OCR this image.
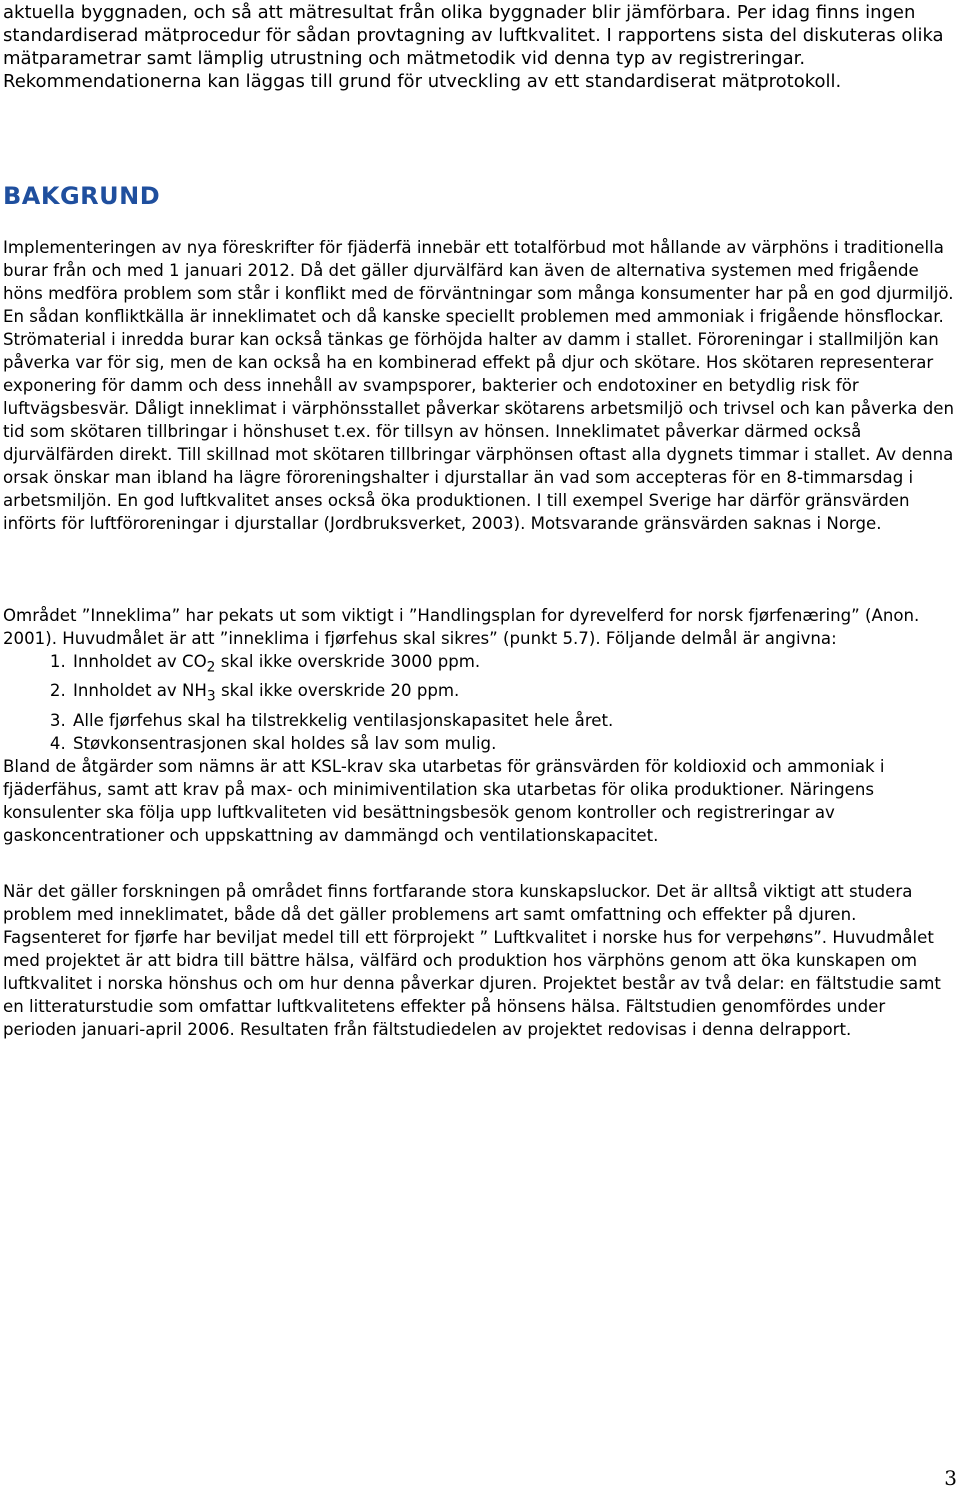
aktuella byggnaden, och så att mätresultat från olika byggnader blir jämförbara. Per idag finns ingen standardiserad mätprocedur för sådan provtagning av luftkvalitet. I rapportens sista del diskuteras olika mätparametrar samt lämplig utrustning och mätmetodik vid denna typ av registreringar. Rekommendationerna kan läggas till grund för utveckling av ett standardiserat mätprotokoll.

BAKGRUND

Implementeringen av nya föreskrifter för fjäderfä innebär ett totalförbud mot hållande av värphöns i traditionella burar från och med 1 januari 2012. Då det gäller djurvälfärd kan även de alternativa systemen med frigående höns medföra problem som står i konflikt med de förväntningar som många konsumenter har på en god djurmiljö. En sådan konfliktkälla är inneklimatet och då kanske speciellt problemen med ammoniak i frigående hönsflockar. Strömaterial i inredda burar kan också tänkas ge förhöjda halter av damm i stallet. Föroreningar i stallmiljön kan påverka var för sig, men de kan också ha en kombinerad effekt på djur och skötare. Hos skötaren representerar exponering för damm och dess innehåll av svampsporer, bakterier och endotoxiner en betydlig risk för luftvägsbesvär. Dåligt inneklimat i värphönsstallet påverkar skötarens arbetsmiljö och trivsel och kan påverka den tid som skötaren tillbringar i hönshuset t.ex. för tillsyn av hönsen. Inneklimatet påverkar därmed också djurvälfärden direkt. Till skillnad mot skötaren tillbringar värphönsen oftast alla dygnets timmar i stallet. Av denna orsak önskar man ibland ha lägre föroreningshalter i djurstallar än vad som accepteras för en 8-timmarsdag i arbetsmiljön. En god luftkvalitet anses också öka produktionen. I till exempel Sverige har därför gränsvärden införts för luftföroreningar i djurstallar (Jordbruksverket, 2003). Motsvarande gränsvärden saknas i Norge.

Området ”Inneklima” har pekats ut som viktigt i ”Handlingsplan for dyrevelferd for norsk fjørfenæring” (Anon. 2001). Huvudmålet är att ”inneklima i fjørfehus skal sikres” (punkt 5.7). Följande delmål är angivna:

1. Innholdet av $CO_2$ skal ikke overskride 3000 ppm.
2. Innholdet av $NH_3$ skal ikke overskride 20 ppm.
3. Alle fjørfehus skal ha tilstrekkelig ventilasjonskapasitet hele året.
4. Støvkonsentrasjonen skal holdes så lav som mulig.

Bland de åtgärder som nämns är att KSL-krav ska utarbetas för gränsvärden för koldioxid och ammoniak i fjäderfähus, samt att krav på max- och minimiventilation ska utarbetas för olika produktioner. Näringens konsulenter ska följa upp luftkvaliteten vid besättningsbesök genom kontroller och registreringar av gaskoncentrationer och uppskattning av dammängd och ventilationskapacitet.

När det gäller forskningen på området finns fortfarande stora kunskapsluckor. Det är alltså viktigt att studera problem med inneklimatet, både då det gäller problemens art samt omfattning och effekter på djuren. Fagsenteret for fjørfe har beviljat medel till ett förprojekt ” Luftkvalitet i norske hus for verpehøns”. Huvudmålet med projektet är att bidra till bättre hälsa, välfärd och produktion hos värphöns genom att öka kunskapen om luftkvalitet i norska hönshus och om hur denna påverkar djuren. Projektet består av två delar: en fältstudie samt en litteraturstudie som omfattar luftkvalitetens effekter på hönsens hälsa. Fältstudien genomfördes under perioden januari-april 2006. Resultaten från fältstudiedelen av projektet redovisas i denna delrapport.

3
